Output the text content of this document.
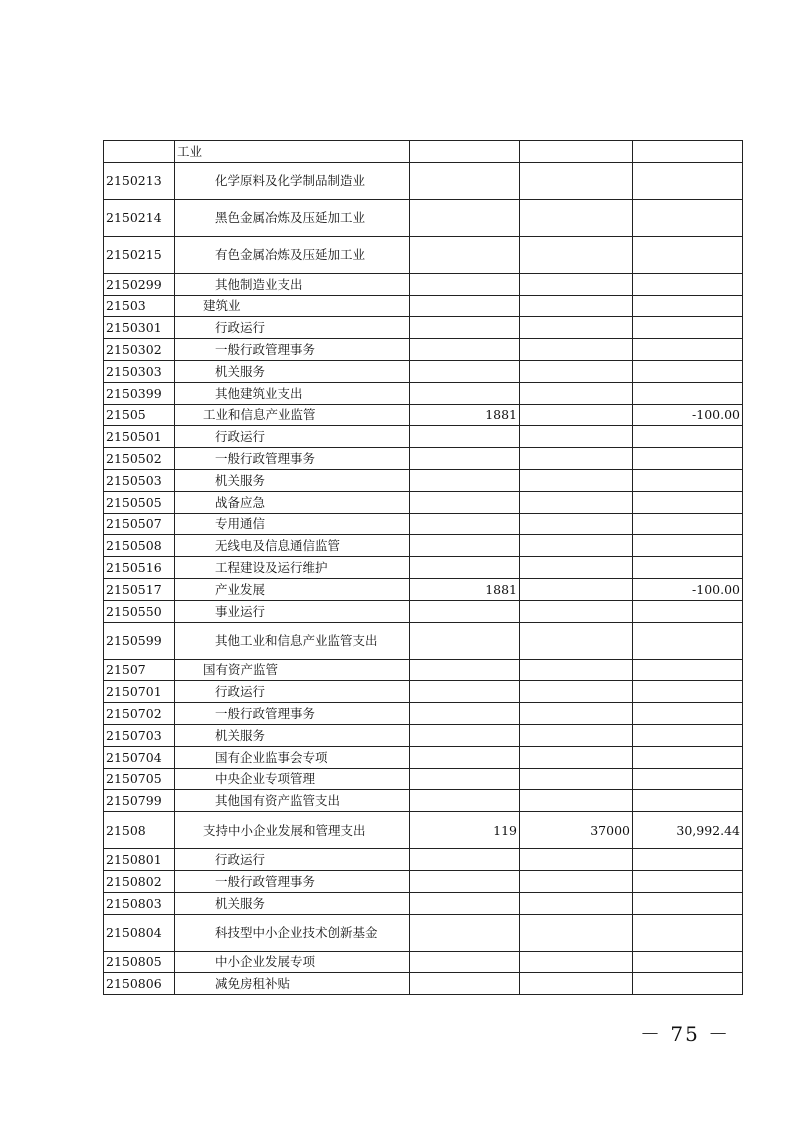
	工业			
2150213	化学原料及化学制品制造业			
2150214	黑色金属冶炼及压延加工业			
2150215	有色金属冶炼及压延加工业			
2150299	其他制造业支出			
21503	建筑业			
2150301	行政运行			
2150302	一般行政管理事务			
2150303	机关服务			
2150399	其他建筑业支出			
21505	工业和信息产业监管	1881		-100.00
2150501	行政运行			
2150502	一般行政管理事务			
2150503	机关服务			
2150505	战备应急			
2150507	专用通信			
2150508	无线电及信息通信监管			
2150516	工程建设及运行维护			
2150517	产业发展	1881		-100.00
2150550	事业运行			
2150599	其他工业和信息产业监管支出			
21507	国有资产监管			
2150701	行政运行			
2150702	一般行政管理事务			
2150703	机关服务			
2150704	国有企业监事会专项			
2150705	中央企业专项管理			
2150799	其他国有资产监管支出			
21508	支持中小企业发展和管理支出	119	37000	30,992.44
2150801	行政运行			
2150802	一般行政管理事务			
2150803	机关服务			
2150804	科技型中小企业技术创新基金			
2150805	中小企业发展专项			
2150806	减免房租补贴			
－ 75 －
